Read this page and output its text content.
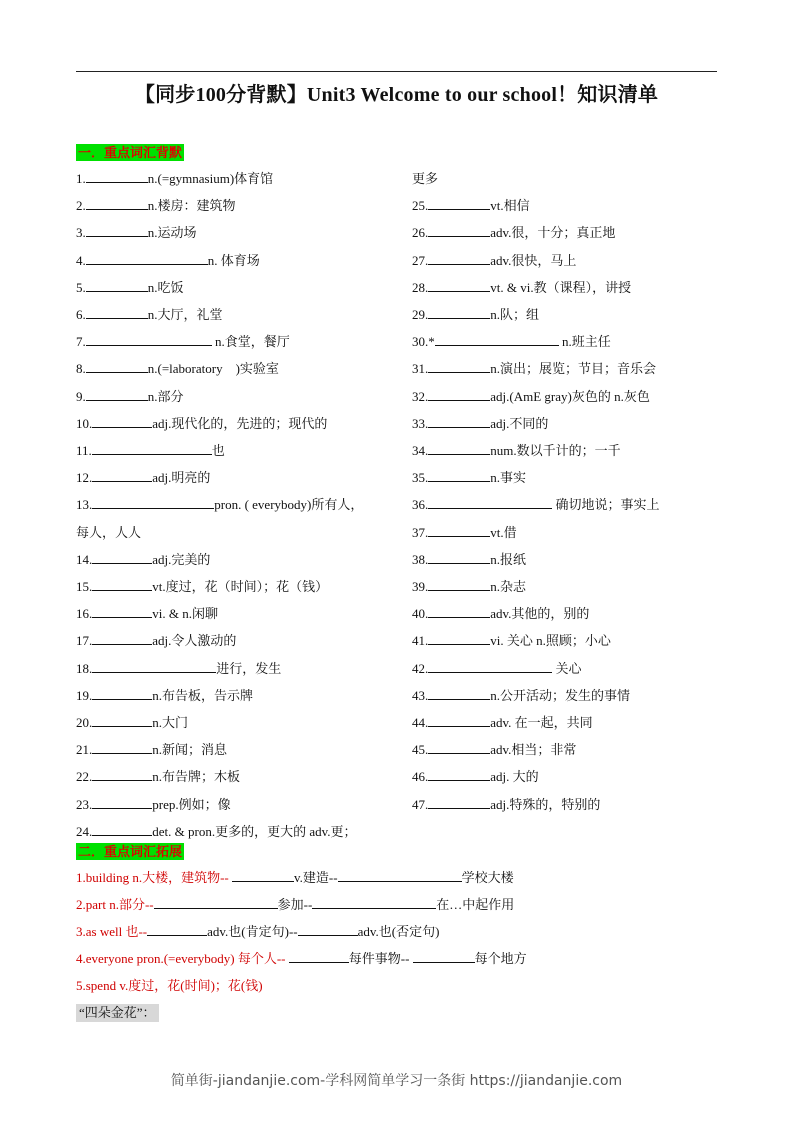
【同步100分背默】Unit3 Welcome to our school！知识清单
一．重点词汇背默
1.	n.(=gymnasium)体育馆
2.	n.楼房：建筑物
3.	n.运动场
4.	n. 体育场
5.	n.吃饭
6.	n.大厅，礼堂
7.	n.食堂，餐厅
8.	n.(=laboratory　)实验室
9.	n.部分
10.	adj.现代化的，先进的；现代的
11.	也
12.	adj.明亮的
13.	pron. ( everybody)所有人，
每人，人人
14.	adj.完美的
15.	vt.度过，花（时间）；花（钱）
16.	vi. & n.闲聊
17.	adj.令人激动的
18.	进行，发生
19.	n.布告板，告示牌
20.	n.大门
21.	n.新闻；消息
22.	n.布告牌；木板
23.	prep.例如；像
24.	det. & pron.更多的，更大的 adv.更；
更多
25.	vt.相信
26.	adv.很，十分；真正地
27.	adv.很快，马上
28.	vt. & vi.教（课程），讲授
29.	n.队；组
30.*	n.班主任
31.	n.演出；展览；节目；音乐会
32.	adj.(AmE gray)灰色的 n.灰色
33.	adj.不同的
34.	num.数以千计的；一千
35.	n.事实
36.	确切地说；事实上
37.	vt.借
38.	n.报纸
39.	n.杂志
40.	adv.其他的，别的
41.	vi. 关心 n.照顾；小心
42.	关心
43.	n.公开活动；发生的事情
44.	adv. 在一起，共同
45.	adv.相当；非常
46.	adj. 大的
47.	adj.特殊的，特别的
二．重点词汇拓展
1.building n.大楼，建筑物--	v.建造--	学校大楼
2.part n.部分--	参加--	在…中起作用
3.as well 也--	adv.也(肯定句)--	adv.也(否定句)
4.everyone pron.(=everybody) 每个人--	每件事物--	每个地方
5.spend v.度过，花(时间)；花(钱)
“四朵金花”：
简单街-jiandanjie.com-学科网简单学习一条街 https://jiandanjie.com
